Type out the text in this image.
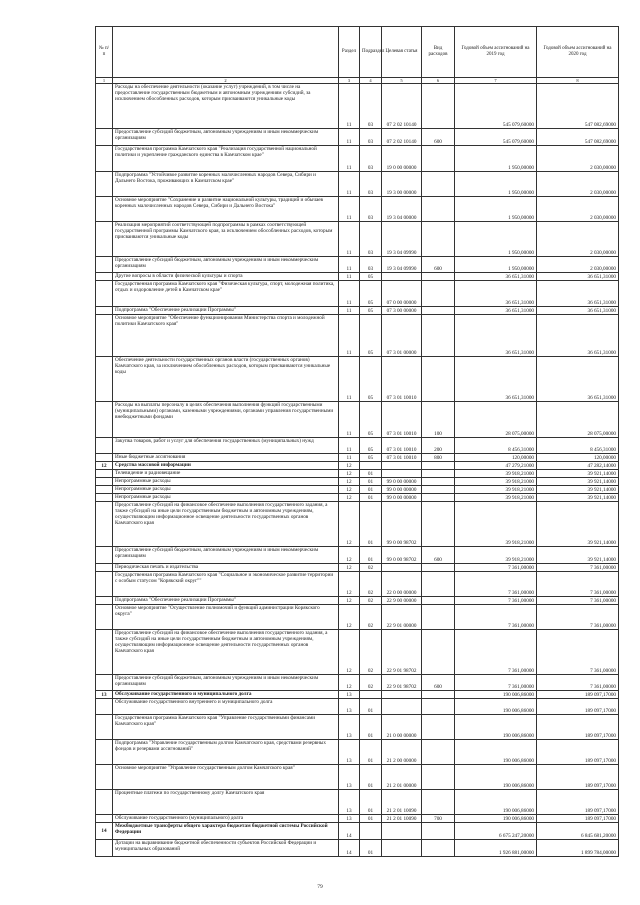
№ п/п		Раздел	Подраздел	Целевая статья	Вид расходов	Годовой объем ассигнований на 2019 год	Годовой объем ассигнований на 2020 год
1	2	3	4	5	6	7	8
	Расходы на обеспечение деятельности (оказание услуг) учреждений, в том числе на предоставление государственным бюджетным и автономным учреждениям субсидий, за исключением обособленных расходов, которым присваиваются уникальные коды	11	03	07 2 02 10140		545 079,60000	547 082,69000
	Предоставление субсидий бюджетным, автономным учреждениям и иным некоммерческим организациям	11	03	07 2 02 10140	600	545 079,60000	547 082,69000
	Государственная программа Камчатского края "Реализация государственной национальной политики и укрепление гражданского единства в Камчатском крае"	11	03	19 0 00 00000		1 950,00000	2 030,00000
	Подпрограмма "Устойчивое развитие коренных малочисленных народов Севера, Сибири и Дальнего Востока, проживающих в Камчатском крае"	11	03	19 3 00 00000		1 950,00000	2 030,00000
	Основное мероприятие "Сохранение и развитие национальной культуры, традиций и обычаев коренных малочисленных народов Севера, Сибири и Дальнего Востока"	11	03	19 3 04 00000		1 950,00000	2 030,00000
	Реализация мероприятий соответствующей подпрограммы в рамках соответствующей государственной программы Камчатского края, за исключением обособленных расходов, которым присваиваются уникальные коды	11	03	19 3 04 09990		1 950,00000	2 030,00000
	Предоставление субсидий бюджетным, автономным учреждениям и иным некоммерческим организациям	11	03	19 3 04 09990	600	1 950,00000	2 030,00000
	Другие вопросы в области физической культуры и спорта	11	05			36 651,31000	36 651,31000
	Государственная программа Камчатского края "Физическая культура, спорт, молодежная политика, отдых и оздоровление детей в Камчатском крае"	11	05	07 0 00 00000		36 651,31000	36 651,31000
	Подпрограмма "Обеспечение реализации Программы"	11	05	07 3 00 00000		36 651,31000	36 651,31000
	Основное мероприятие "Обеспечение функционирования Министерства спорта и молодежной политики Камчатского края"	11	05	07 3 01 00000		36 651,31000	36 651,31000
	Обеспечение деятельности государственных органов власти (государственных органов) Камчатского края, за исключением обособленных расходов, которым присваиваются уникальные коды	11	05	07 3 01 10010		36 651,31000	36 651,31000
	Расходы на выплаты персоналу в целях обеспечения выполнения функций государственными (муниципальными) органами, казенными учреждениями, органами управления государственными внебюджетными фондами	11	05	07 3 01 10010	100	28 075,00000	28 075,00000
	Закупка товаров, работ и услуг для обеспечения государственных (муниципальных) нужд	11	05	07 3 01 10010	200	8 456,31000	8 456,31000
	Иные бюджетные ассигнования	11	05	07 3 01 10010	800	120,00000	120,00000
12	Средства массовой информации	12				47 279,21000	47 282,14000
	Телевидение и радиовещание	12	01			39 918,21000	39 921,14000
	Непрограммные расходы	12	01	99 0 00 00000		39 918,21000	39 921,14000
	Непрограммные расходы	12	01	99 0 00 00000		39 918,21000	39 921,14000
	Непрограммные расходы	12	01	99 0 00 00000		39 918,21000	39 921,14000
	Предоставление субсидий на финансовое обеспечение выполнения государственного задания, а также субсидий на иные цели государственным бюджетным и автономным учреждениям, осуществляющим информационное освещение деятельности государственных органов Камчатского края	12	01	99 0 00 98702		39 918,21000	39 921,14000
	Предоставление субсидий бюджетным, автономным учреждениям и иным некоммерческим организациям	12	01	99 0 00 98702	600	39 918,21000	39 921,14000
	Периодическая печать и издательства	12	02			7 361,00000	7 361,00000
	Государственная программа Камчатского края "Социальное и экономическое развитие территории с особым статусом "Корякский округ""	12	02	22 0 00 00000		7 361,00000	7 361,00000
	Подпрограмма "Обеспечение реализации Программы"	12	02	22 9 00 00000		7 361,00000	7 361,00000
	Основное мероприятие "Осуществление полномочий и функций администрации Корякского округа"	12	02	22 9 01 00000		7 361,00000	7 361,00000
	Предоставление субсидий на финансовое обеспечение выполнения государственного задания, а также субсидий на иные цели государственным бюджетным и автономным учреждениям, осуществляющим информационное освещение деятельности государственных органов Камчатского края	12	02	22 9 01 98702		7 361,00000	7 361,00000
	Предоставление субсидий бюджетным, автономным учреждениям и иным некоммерческим организациям	12	02	22 9 01 98702	600	7 361,00000	7 361,00000
13	Обслуживание государственного и муниципального долга	13				190 006,86000	189 097,17000
	Обслуживание государственного внутреннего и муниципального долга	13	01			190 006,86000	189 097,17000
	Государственная программа Камчатского края "Управление государственными финансами Камчатского края"	13	01	21 0 00 00000		190 006,86000	189 097,17000
	Подпрограмма "Управление государственным долгом Камчатского края, средствами резервных фондов и резервами ассигнований"	13	01	21 2 00 00000		190 006,86000	189 097,17000
	Основное мероприятие "Управление государственным долгом Камчатского края"	13	01	21 2 01 00000		190 006,86000	189 097,17000
	Процентные платежи по государственному долгу Камчатского края	13	01	21 2 01 10090		190 006,86000	189 097,17000
	Обслуживание государственного (муниципального) долга	13	01	21 2 01 10090	700	190 006,86000	189 097,17000
14	Межбюджетные трансферты общего характера бюджетам бюджетной системы Российской Федерации	14				6 675 247,20000	6 845 681,20000
	Дотации на выравнивание бюджетной обеспеченности субъектов Российской Федерации и муниципальных образований	14	01			1 926 881,00000	1 899 784,00000
79
